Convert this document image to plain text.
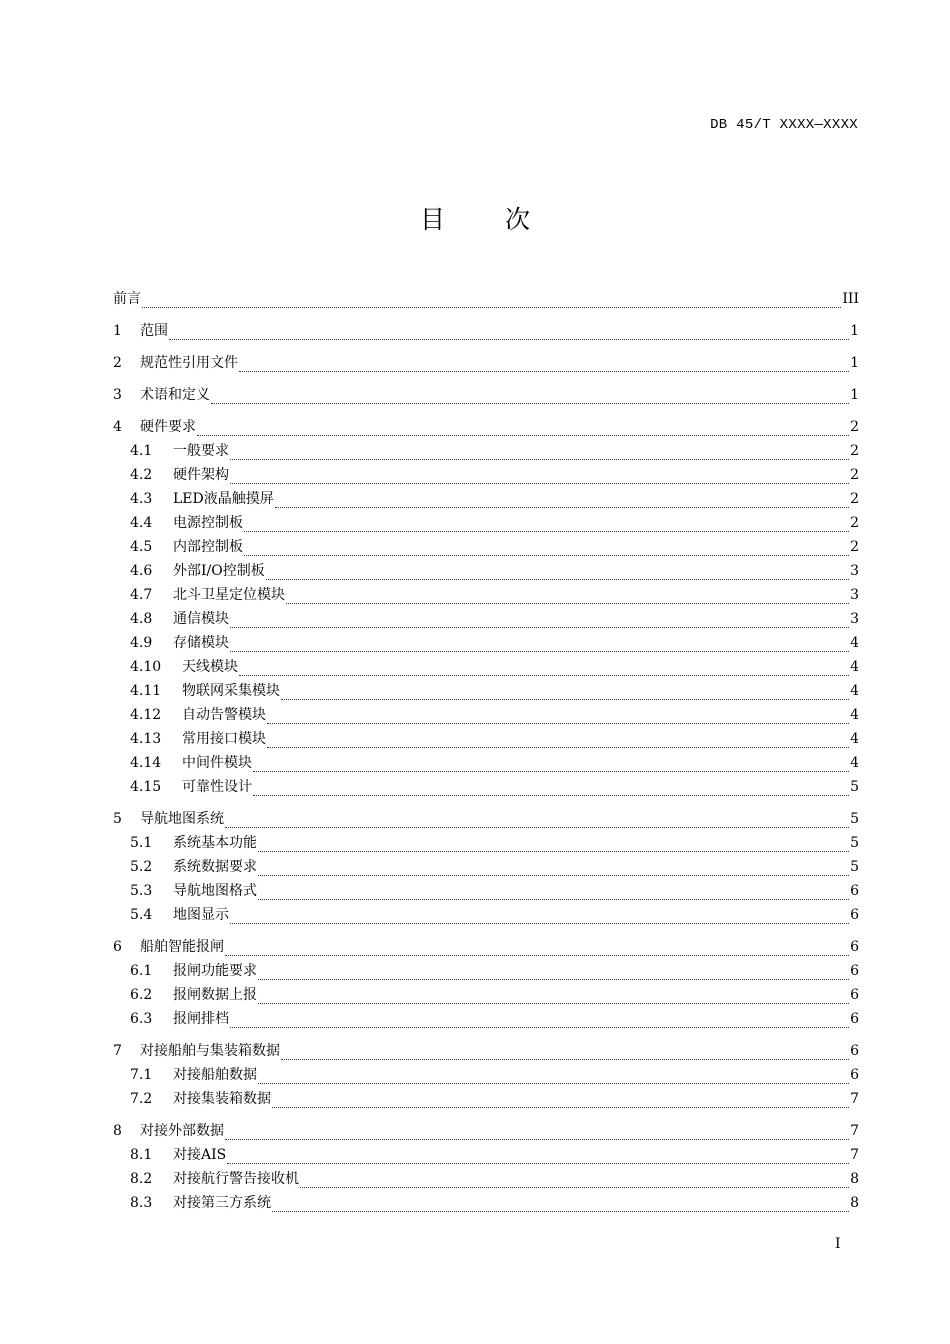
DB 45/T XXXX—XXXX
目 次
前言	III
1	范围	1
2	规范性引用文件	1
3	术语和定义	1
4	硬件要求	2
4.1	一般要求	2
4.2	硬件架构	2
4.3	LED液晶触摸屏	2
4.4	电源控制板	2
4.5	内部控制板	2
4.6	外部I/O控制板	3
4.7	北斗卫星定位模块	3
4.8	通信模块	3
4.9	存储模块	4
4.10	天线模块	4
4.11	物联网采集模块	4
4.12	自动告警模块	4
4.13	常用接口模块	4
4.14	中间件模块	4
4.15	可靠性设计	5
5	导航地图系统	5
5.1	系统基本功能	5
5.2	系统数据要求	5
5.3	导航地图格式	6
5.4	地图显示	6
6	船舶智能报闸	6
6.1	报闸功能要求	6
6.2	报闸数据上报	6
6.3	报闸排档	6
7	对接船舶与集装箱数据	6
7.1	对接船舶数据	6
7.2	对接集装箱数据	7
8	对接外部数据	7
8.1	对接AIS	7
8.2	对接航行警告接收机	8
8.3	对接第三方系统	8
I
